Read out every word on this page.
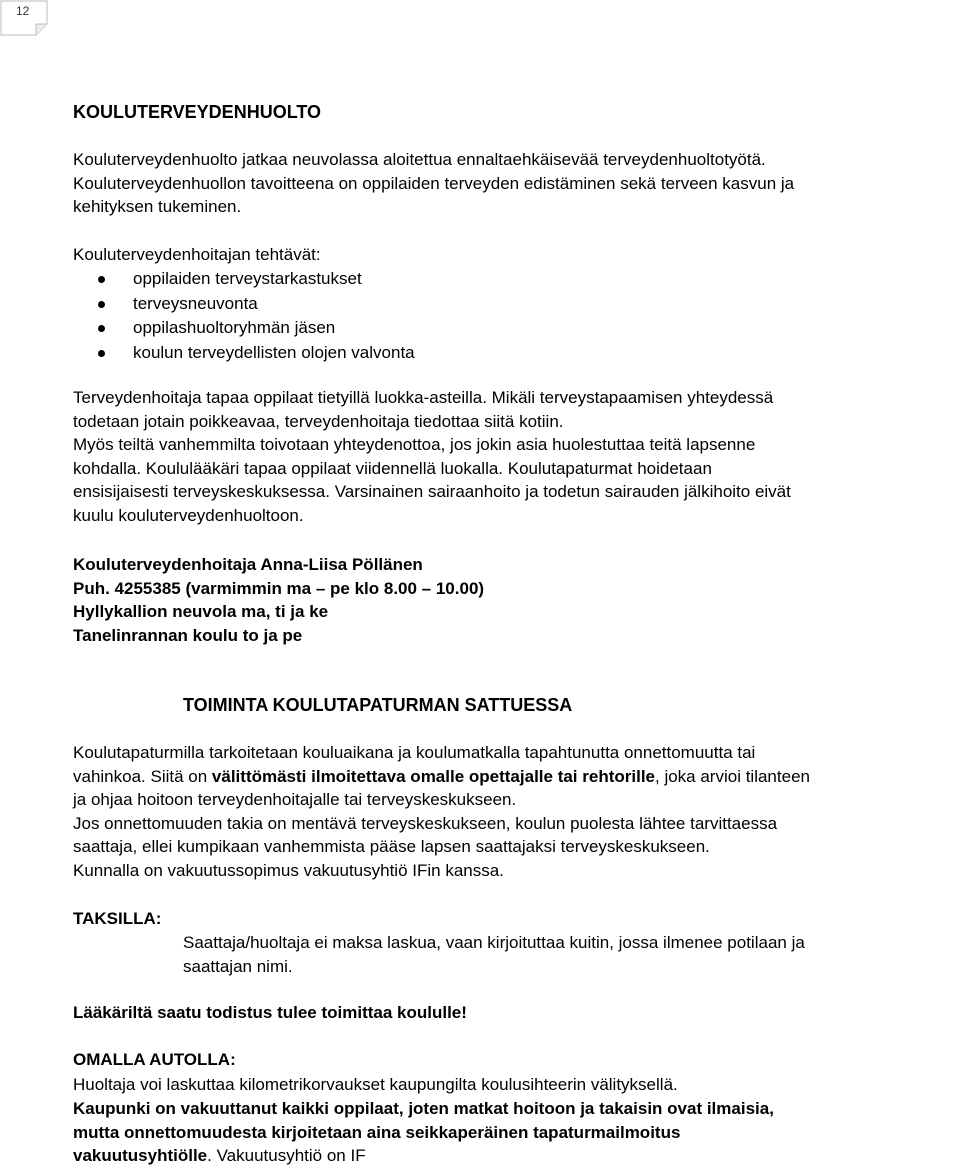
12
KOULUTERVEYDENHUOLTO
Kouluterveydenhuolto jatkaa neuvolassa aloitettua ennaltaehkäisevää terveydenhuoltotyötä.
Kouluterveydenhuollon tavoitteena on oppilaiden terveyden edistäminen sekä terveen kasvun ja
kehityksen tukeminen.
Kouluterveydenhoitajan tehtävät:
oppilaiden terveystarkastukset
terveysneuvonta
oppilashuoltoryhmän jäsen
koulun terveydellisten olojen valvonta
Terveydenhoitaja tapaa oppilaat tietyillä luokka-asteilla. Mikäli terveystapaamisen yhteydessä
todetaan jotain poikkeavaa, terveydenhoitaja tiedottaa siitä kotiin.
Myös teiltä vanhemmilta toivotaan yhteydenottoa, jos jokin asia huolestuttaa teitä lapsenne
kohdalla. Koululääkäri tapaa oppilaat viidennellä luokalla. Koulutapaturmat hoidetaan
ensisijaisesti terveyskeskuksessa. Varsinainen sairaanhoito ja todetun sairauden jälkihoito eivät
kuulu kouluterveydenhuoltoon.
Kouluterveydenhoitaja Anna-Liisa Pöllänen
Puh. 4255385 (varmimmin ma – pe klo 8.00 – 10.00)
Hyllykallion neuvola ma, ti ja ke
Tanelinrannan koulu to ja pe
TOIMINTA KOULUTAPATURMAN SATTUESSA
Koulutapaturmilla tarkoitetaan kouluaikana ja koulumatkalla tapahtunutta onnettomuutta tai
vahinkoa. Siitä on välittömästi ilmoitettava omalle opettajalle tai rehtorille, joka arvioi tilanteen
ja ohjaa hoitoon terveydenhoitajalle tai terveyskeskukseen.
Jos onnettomuuden takia on mentävä terveyskeskukseen, koulun puolesta lähtee tarvittaessa
saattaja, ellei kumpikaan vanhemmista pääse lapsen saattajaksi terveyskeskukseen.
Kunnalla on vakuutussopimus vakuutusyhtiö IFin kanssa.
TAKSILLA:
Saattaja/huoltaja ei maksa laskua, vaan kirjoituttaa kuitin, jossa ilmenee potilaan ja
saattajan nimi.
Lääkäriltä saatu todistus tulee toimittaa koululle!
OMALLA AUTOLLA:
Huoltaja voi laskuttaa kilometrikorvaukset kaupungilta koulusihteerin välityksellä.
Kaupunki on vakuuttanut kaikki oppilaat, joten matkat hoitoon ja takaisin ovat ilmaisia,
mutta onnettomuudesta kirjoitetaan aina seikkaperäinen tapaturmailmoitus
vakuutusyhtiölle. Vakuutusyhtiö on IF
